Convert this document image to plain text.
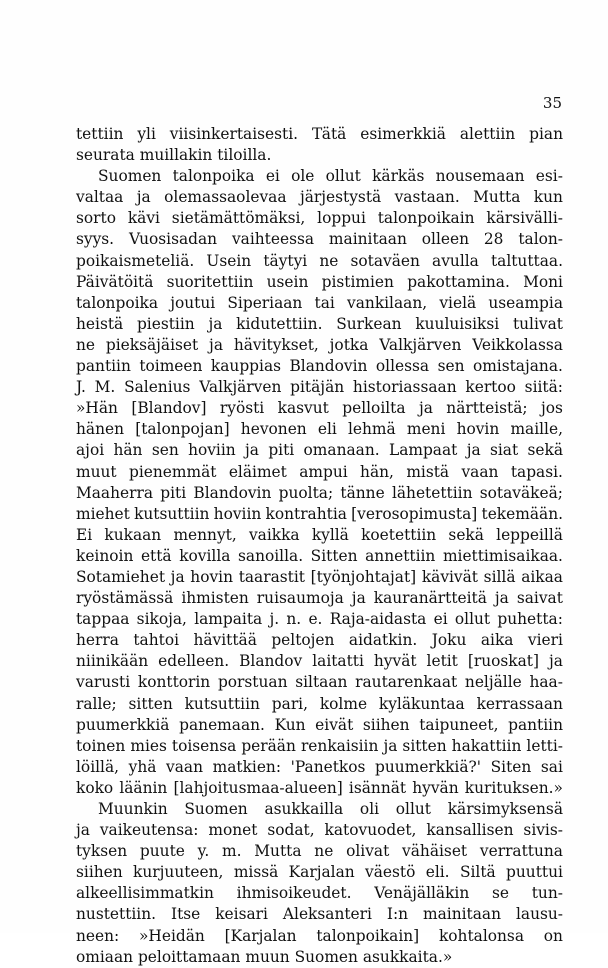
35
tettiin yli viisinkertaisesti. Tätä esimerkkiä alettiin pian
seurata
muillakin
tiloilla.
Suomen talonpoika ei ole ollut kärkäs nousemaan esi-
valtaa ja olemassaolevaa järjestystä vastaan. Mutta kun
sorto kävi sietämättömäksi, loppui talonpoikain kärsivälli-
syys. Vuosisadan vaihteessa mainitaan olleen 28 talon-
poikaismeteliä. Usein täytyi ne sotaväen avulla taltuttaa.
Päivätöitä suoritettiin usein pistimien pakottamina. Moni
talonpoika joutui Siperiaan tai vankilaan, vielä useampia
heistä piestiin ja kidutettiin. Surkean kuuluisiksi tulivat
ne pieksäjäiset ja hävitykset, jotka Valkjärven Veikkolassa
pantiin toimeen kauppias Blandovin ollessa sen omistajana.
J. M. Salenius Valkjärven pitäjän historiassaan kertoo siitä:
»Hän [Blandov] ryösti kasvut pelloilta ja närtteistä; jos
hänen [talonpojan] hevonen eli lehmä meni hovin maille,
ajoi hän sen hoviin ja piti omanaan. Lampaat ja siat sekä
muut pienemmät eläimet ampui hän, mistä vaan tapasi.
Maaherra piti Blandovin puolta; tänne lähetettiin sotaväkeä;
miehet kutsuttiin hoviin kontrahtia [verosopimusta] tekemään.
Ei kukaan mennyt, vaikka kyllä koetettiin sekä leppeillä
keinoin että kovilla sanoilla. Sitten annettiin miettimisaikaa.
Sotamiehet ja hovin taarastit [työnjohtajat] kävivät sillä aikaa
ryöstämässä ihmisten ruisaumoja ja kauranärtteitä ja saivat
tappaa sikoja, lampaita j. n. e. Raja-aidasta ei ollut puhetta:
herra tahtoi hävittää peltojen aidatkin. Joku aika vieri
niinikään edelleen. Blandov laitatti hyvät letit [ruoskat] ja
varusti konttorin porstuan siltaan rautarenkaat neljälle haa-
ralle; sitten kutsuttiin pari, kolme kyläkuntaa kerrassaan
puumerkkiä panemaan. Kun eivät siihen taipuneet, pantiin
toinen mies toisensa perään renkaisiin ja sitten hakattiin letti-
löillä, yhä vaan matkien: 'Panetkos puumerkkiä?' Siten sai
koko läänin [lahjoitusmaa-alueen] isännät hyvän kurituksen.»
Muunkin Suomen asukkailla oli ollut kärsimyksensä
ja vaikeutensa: monet sodat, katovuodet, kansallisen sivis-
tyksen puute y. m. Mutta ne olivat vähäiset verrattuna
siihen kurjuuteen, missä Karjalan väestö eli. Siltä puuttui
alkeellisimmatkin ihmisoikeudet. Venäjälläkin se tun-
nustettiin. Itse keisari Aleksanteri I:n mainitaan lausu-
neen: »Heidän [Karjalan talonpoikain] kohtalonsa on
omiaan
peloittamaan
muun
Suomen
asukkaita.»
